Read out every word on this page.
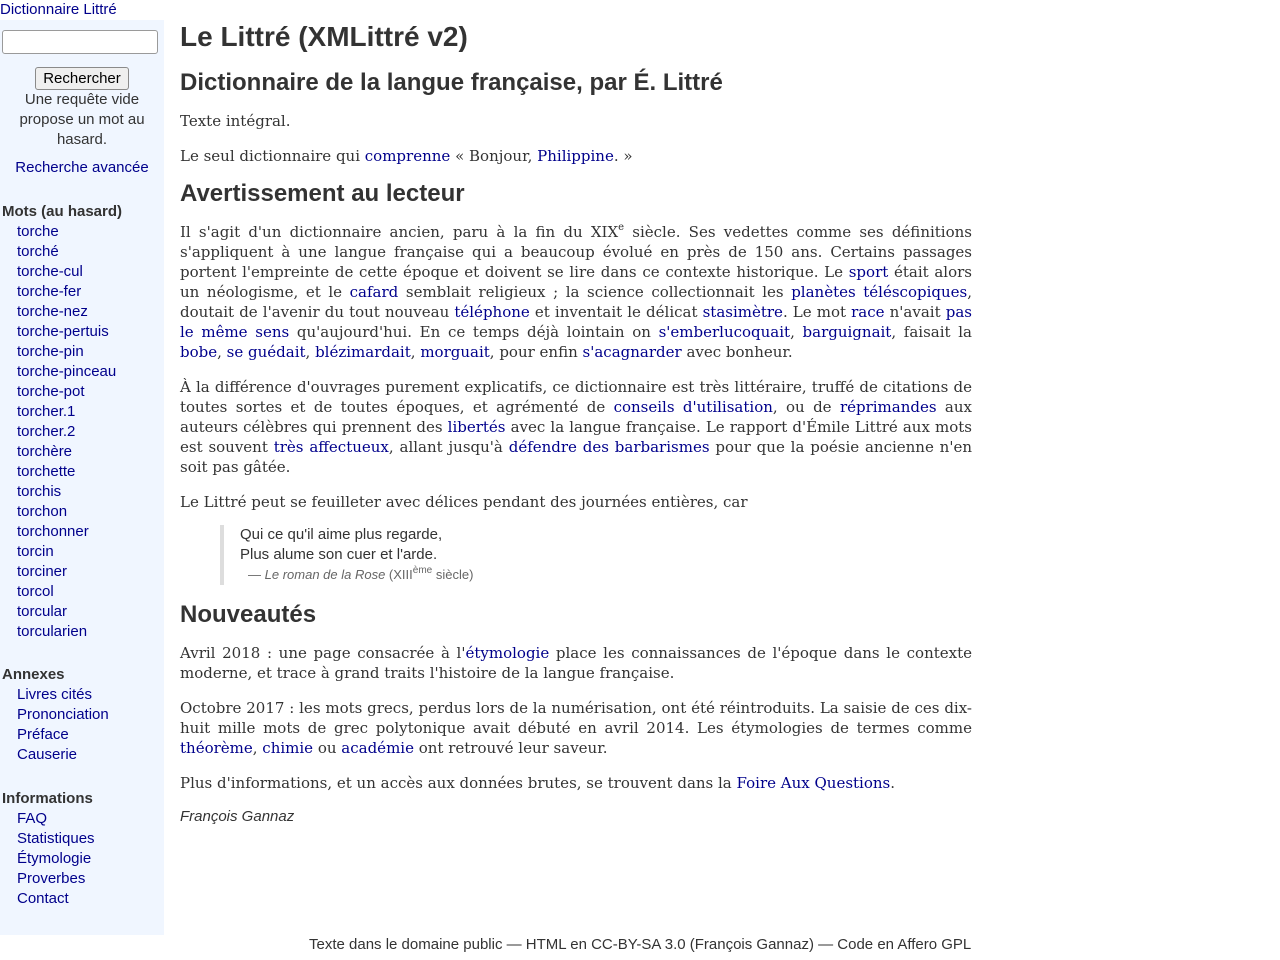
Dictionnaire Littré
Rechercher
Une requête vide propose un mot au hasard.
Recherche avancée
Mots (au hasard)
torche
torché
torche-cul
torche-fer
torche-nez
torche-pertuis
torche-pin
torche-pinceau
torche-pot
torcher.1
torcher.2
torchère
torchette
torchis
torchon
torchonner
torcin
torciner
torcol
torcular
torcularien
Annexes
Livres cités
Prononciation
Préface
Causerie
Informations
FAQ
Statistiques
Étymologie
Proverbes
Contact
Le Littré (XMLittré v2)
Dictionnaire de la langue française, par É. Littré

Texte intégral.

Le seul dictionnaire qui comprenne « Bonjour, Philippine. »

Avertissement au lecteur

Il s'agit d'un dictionnaire ancien, paru à la fin du XIXe siècle. Ses vedettes comme ses définitions s'appliquent à une langue française qui a beaucoup évolué en près de 150 ans. Certains passages portent l'empreinte de cette époque et doivent se lire dans ce contexte historique. Le sport était alors un néologisme, et le cafard semblait religieux ; la science collectionnait les planètes téléscopiques, doutait de l'avenir du tout nouveau téléphone et inventait le délicat stasimètre. Le mot race n'avait pas le même sens qu'aujourd'hui. En ce temps déjà lointain on s'emberlucoquait, barguignait, faisait la bobe, se guédait, blézimardait, morguait, pour enfin s'acagnarder avec bonheur.

À la différence d'ouvrages purement explicatifs, ce dictionnaire est très littéraire, truffé de citations de toutes sortes et de toutes époques, et agrémenté de conseils d'utilisation, ou de réprimandes aux auteurs célèbres qui prennent des libertés avec la langue française. Le rapport d'Émile Littré aux mots est souvent très affectueux, allant jusqu'à défendre des barbarismes pour que la poésie ancienne n'en soit pas gâtée.

Le Littré peut se feuilleter avec délices pendant des journées entières, car

Qui ce qu'il aime plus regarde,
Plus alume son cuer et l'arde.
— Le roman de la Rose (XIIIème siècle)
Nouveautés

Avril 2018 : une page consacrée à l'étymologie place les connaissances de l'époque dans le contexte moderne, et trace à grand traits l'histoire de la langue française.

Octobre 2017 : les mots grecs, perdus lors de la numérisation, ont été réintroduits. La saisie de ces dix-huit mille mots de grec polytonique avait débuté en avril 2014. Les étymologies de termes comme théorème, chimie ou académie ont retrouvé leur saveur.

Plus d'informations, et un accès aux données brutes, se trouvent dans la Foire Aux Questions.

François Gannaz
Texte dans le domaine public — HTML en CC-BY-SA 3.0 (François Gannaz) — Code en Affero GPL
